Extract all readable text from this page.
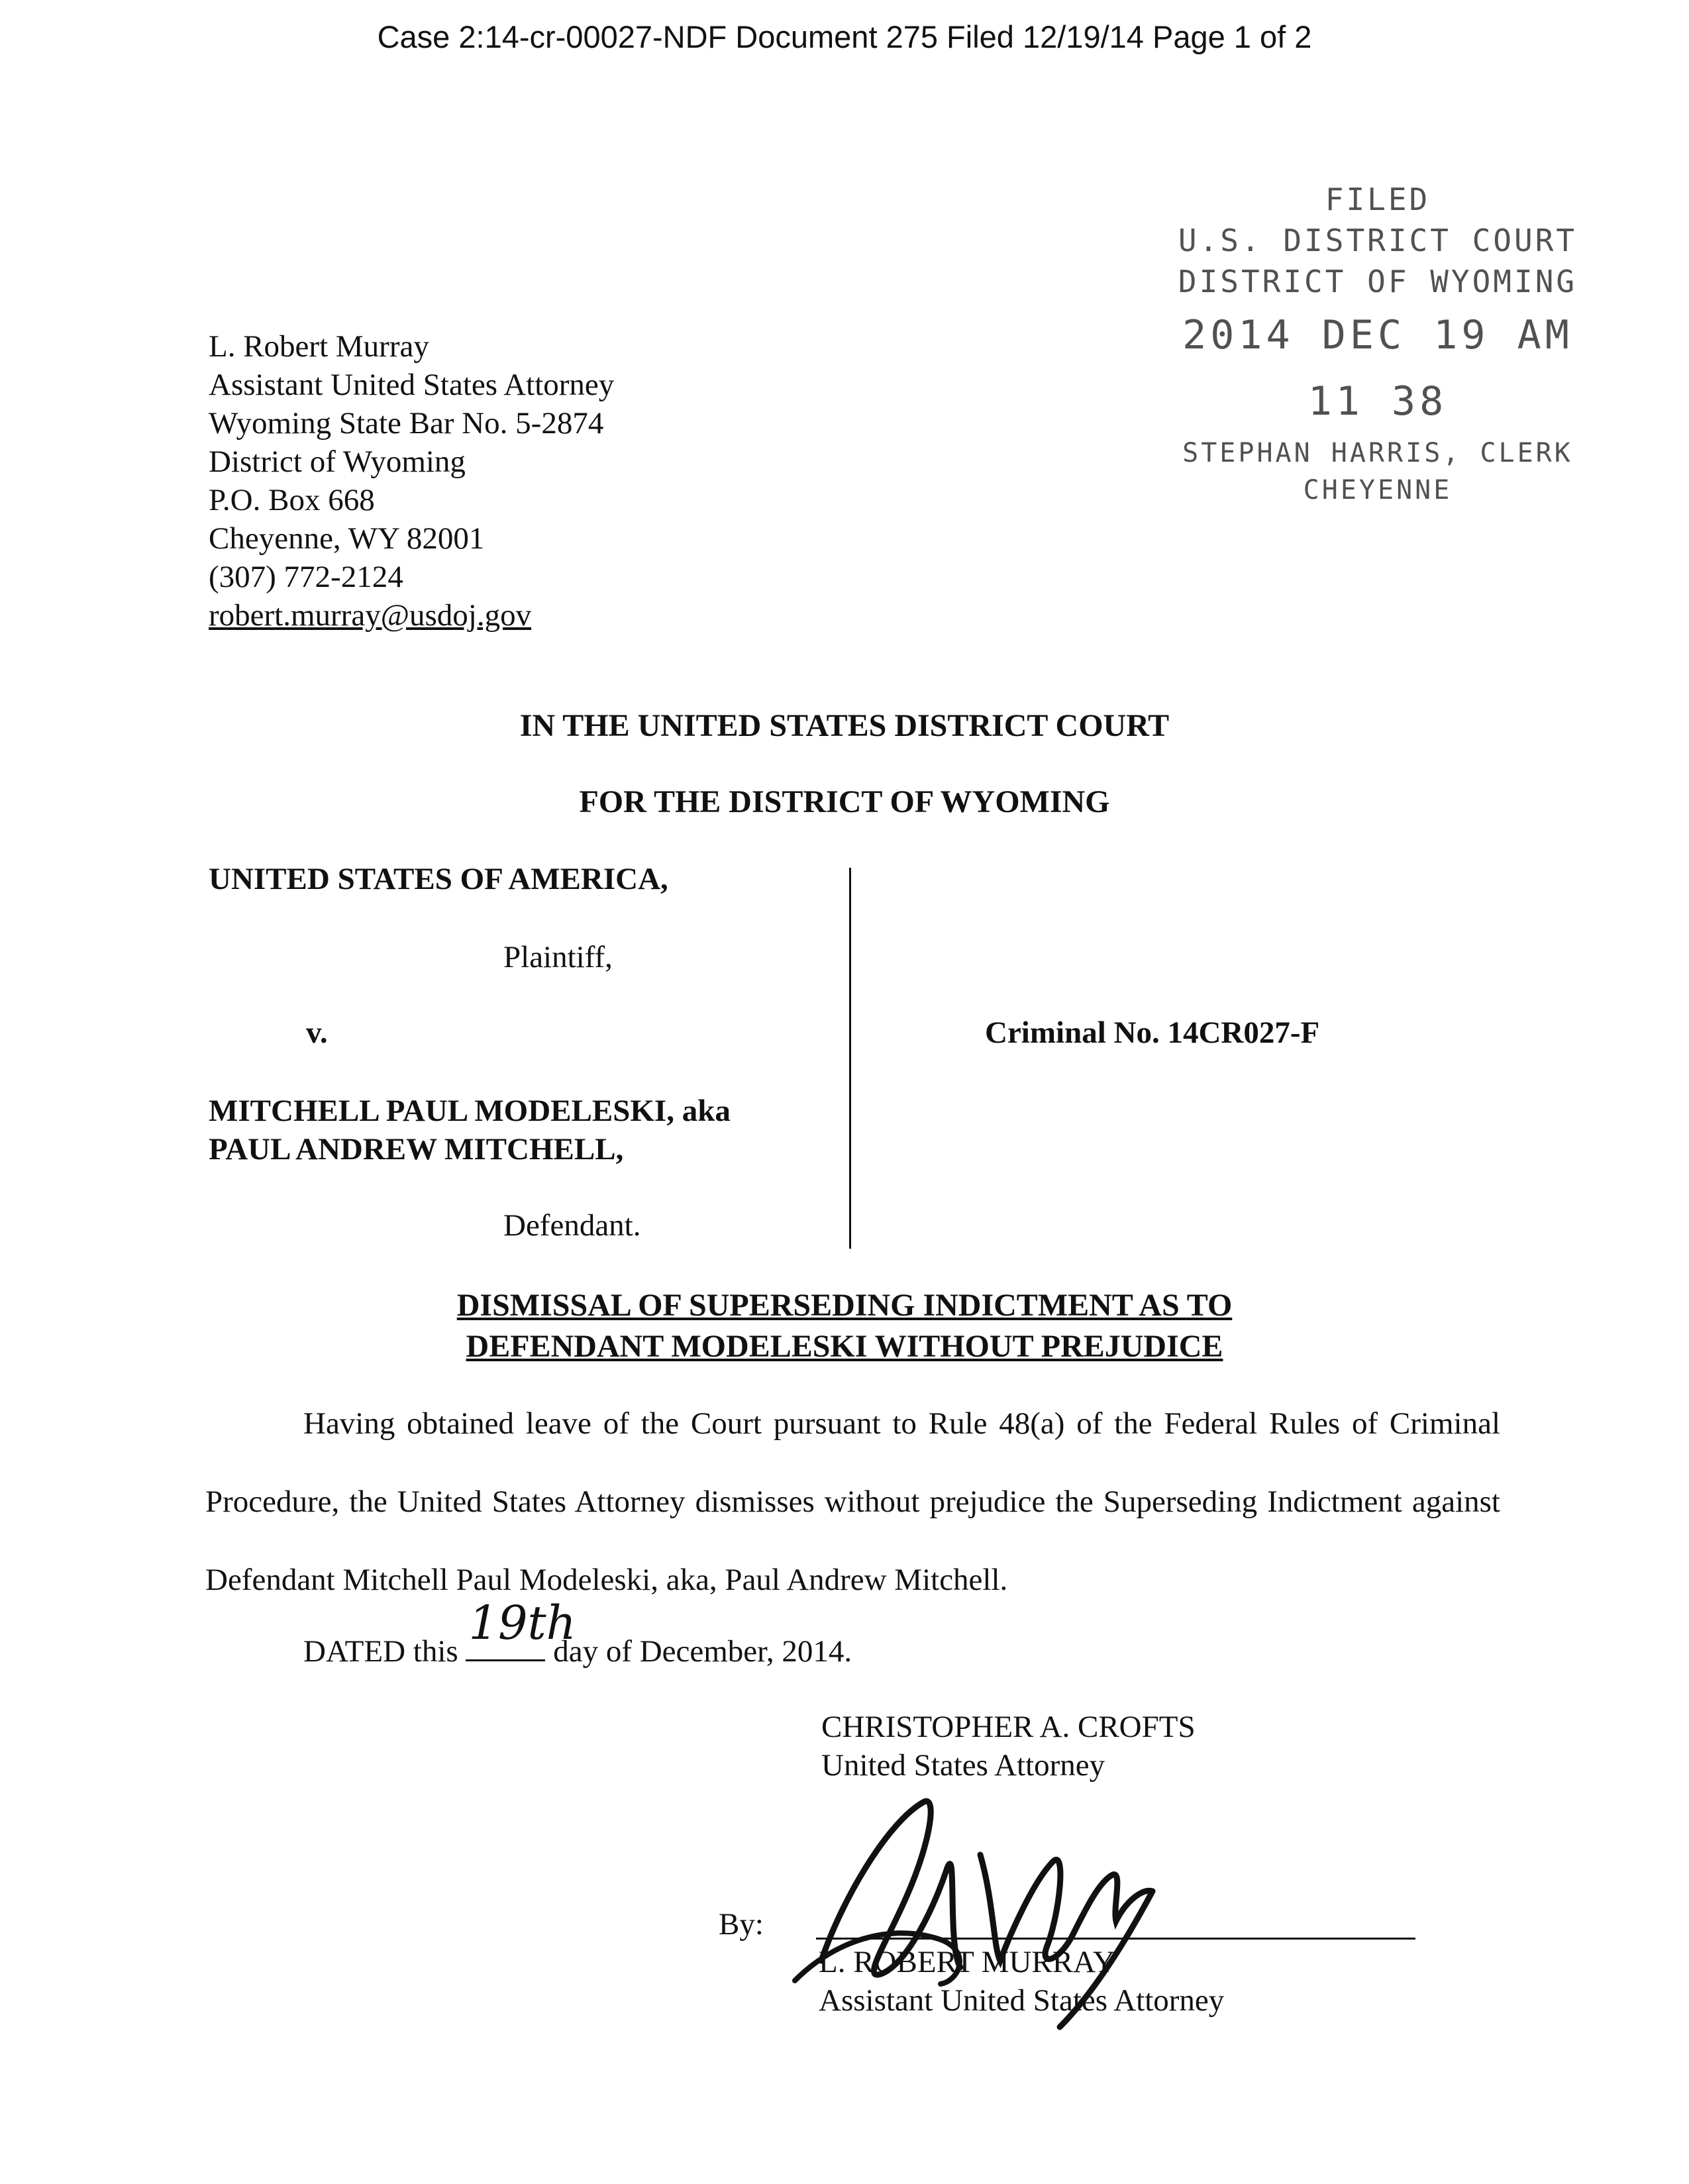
Case 2:14-cr-00027-NDF Document 275 Filed 12/19/14 Page 1 of 2
L. Robert Murray
Assistant United States Attorney
Wyoming State Bar No. 5-2874
District of Wyoming
P.O. Box 668
Cheyenne, WY 82001
(307) 772-2124
robert.murray@usdoj.gov
FILED
U.S. DISTRICT COURT
DISTRICT OF WYOMING
2014 DEC 19 AM 11 38
STEPHAN HARRIS, CLERK
CHEYENNE
IN THE UNITED STATES DISTRICT COURT
FOR THE DISTRICT OF WYOMING
UNITED STATES OF AMERICA,
Plaintiff,
v.
MITCHELL PAUL MODELESKI, aka
PAUL ANDREW MITCHELL,
Defendant.
Criminal No. 14CR027-F
DISMISSAL OF SUPERSEDING INDICTMENT AS TO
DEFENDANT MODELESKI WITHOUT PREJUDICE

Having obtained leave of the Court pursuant to Rule 48(a) of the Federal Rules of Criminal Procedure, the United States Attorney dismisses without prejudice the Superseding Indictment against Defendant Mitchell Paul Modeleski, aka, Paul Andrew Mitchell.

DATED this
19th
day of December, 2014.
CHRISTOPHER A. CROFTS
United States Attorney
By:
L. ROBERT MURRAY
Assistant United States Attorney
